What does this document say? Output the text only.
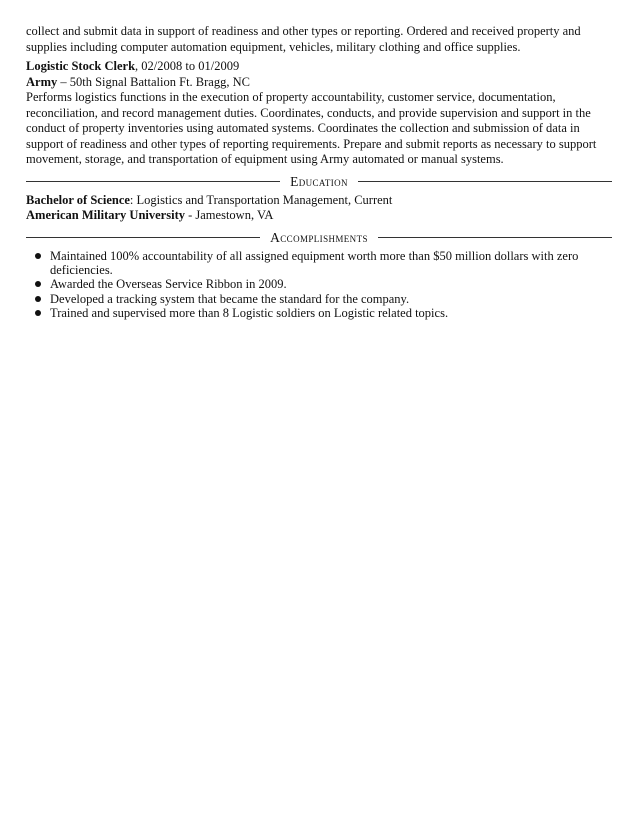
collect and submit data in support of readiness and other types or reporting. Ordered and received property and supplies including computer automation equipment, vehicles, military clothing and office supplies.

Logistic Stock Clerk, 02/2008 to 01/2009

Army – 50th Signal Battalion Ft. Bragg, NC

Performs logistics functions in the execution of property accountability, customer service, documentation, reconciliation, and record management duties. Coordinates, conducts, and provide supervision and support in the conduct of property inventories using automated systems. Coordinates the collection and submission of data in support of readiness and other types of reporting requirements. Prepare and submit reports as necessary to support movement, storage, and transportation of equipment using Army automated or manual systems.

Education

Bachelor of Science: Logistics and Transportation Management, Current

American Military University - Jamestown, VA

Accomplishments
Maintained 100% accountability of all assigned equipment worth more than $50 million dollars with zero deficiencies.
Awarded the Overseas Service Ribbon in 2009.
Developed a tracking system that became the standard for the company.
Trained and supervised more than 8 Logistic soldiers on Logistic related topics.
